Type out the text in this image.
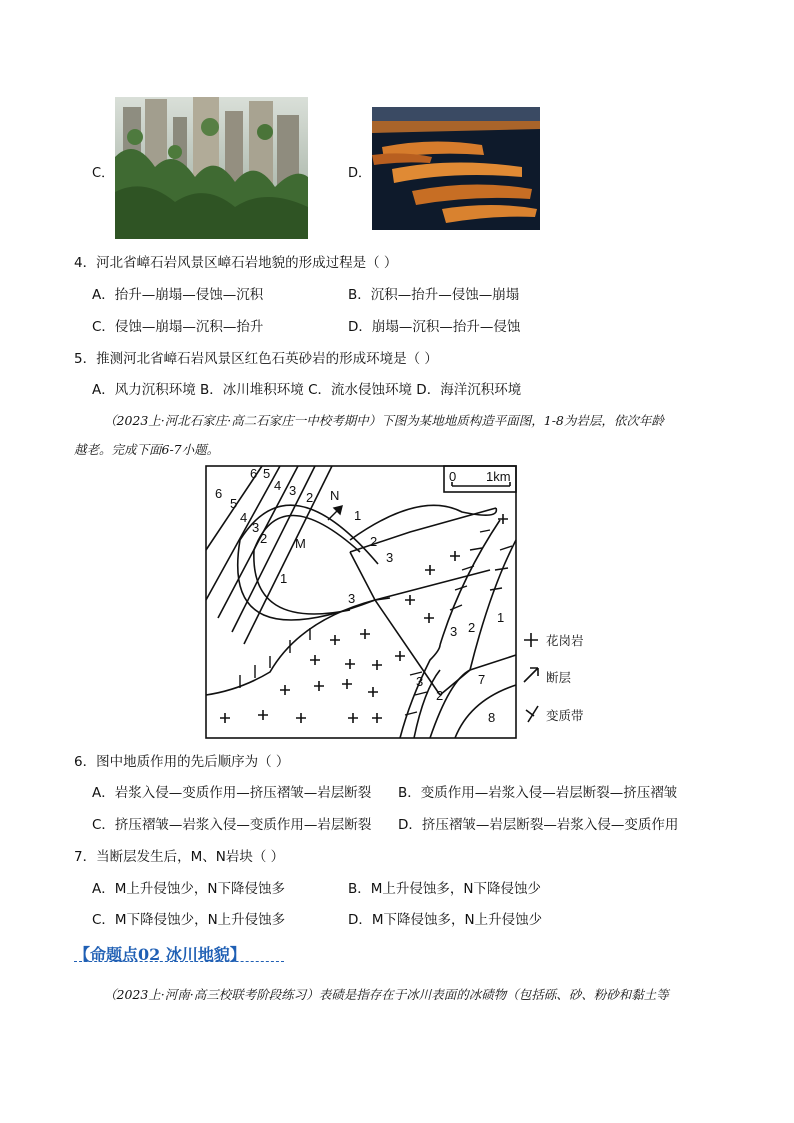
C．	D．
4．河北省嶂石岩风景区嶂石岩地貌的形成过程是（ ）
A．抬升—崩塌—侵蚀—沉积	B．沉积—抬升—侵蚀—崩塌
C．侵蚀—崩塌—沉积—抬升	D．崩塌—沉积—抬升—侵蚀
5．推测河北省嶂石岩风景区红色石英砂岩的形成环境是（ ）
A．风力沉积环境 B．冰川堆积环境 C．流水侵蚀环境 D．海洋沉积环境
（2023上·河北石家庄·高二石家庄一中校考期中）下图为某地地质构造平面图，1-8为岩层，依次年龄
越老。完成下面6-7小题。
0 1km
N
M
6
6 5
5
4
4
3
3
2
2
1
1
2
3
3
3 2
1
3
2
7
8
花岗岩
断层
变质带
6．图中地质作用的先后顺序为（ ）
A．岩浆入侵—变质作用—挤压褶皱—岩层断裂 B．变质作用—岩浆入侵—岩层断裂—挤压褶皱
C．挤压褶皱—岩浆入侵—变质作用—岩层断裂 D．挤压褶皱—岩层断裂—岩浆入侵—变质作用
7．当断层发生后，M、N岩块（ ）
A．M上升侵蚀少，N下降侵蚀多	B．M上升侵蚀多，N下降侵蚀少
C．M下降侵蚀少，N上升侵蚀多	D．M下降侵蚀多，N上升侵蚀少
【命题点02 冰川地貌】
（2023上·河南·高三校联考阶段练习）表碛是指存在于冰川表面的冰碛物（包括砾、砂、粉砂和黏土等
